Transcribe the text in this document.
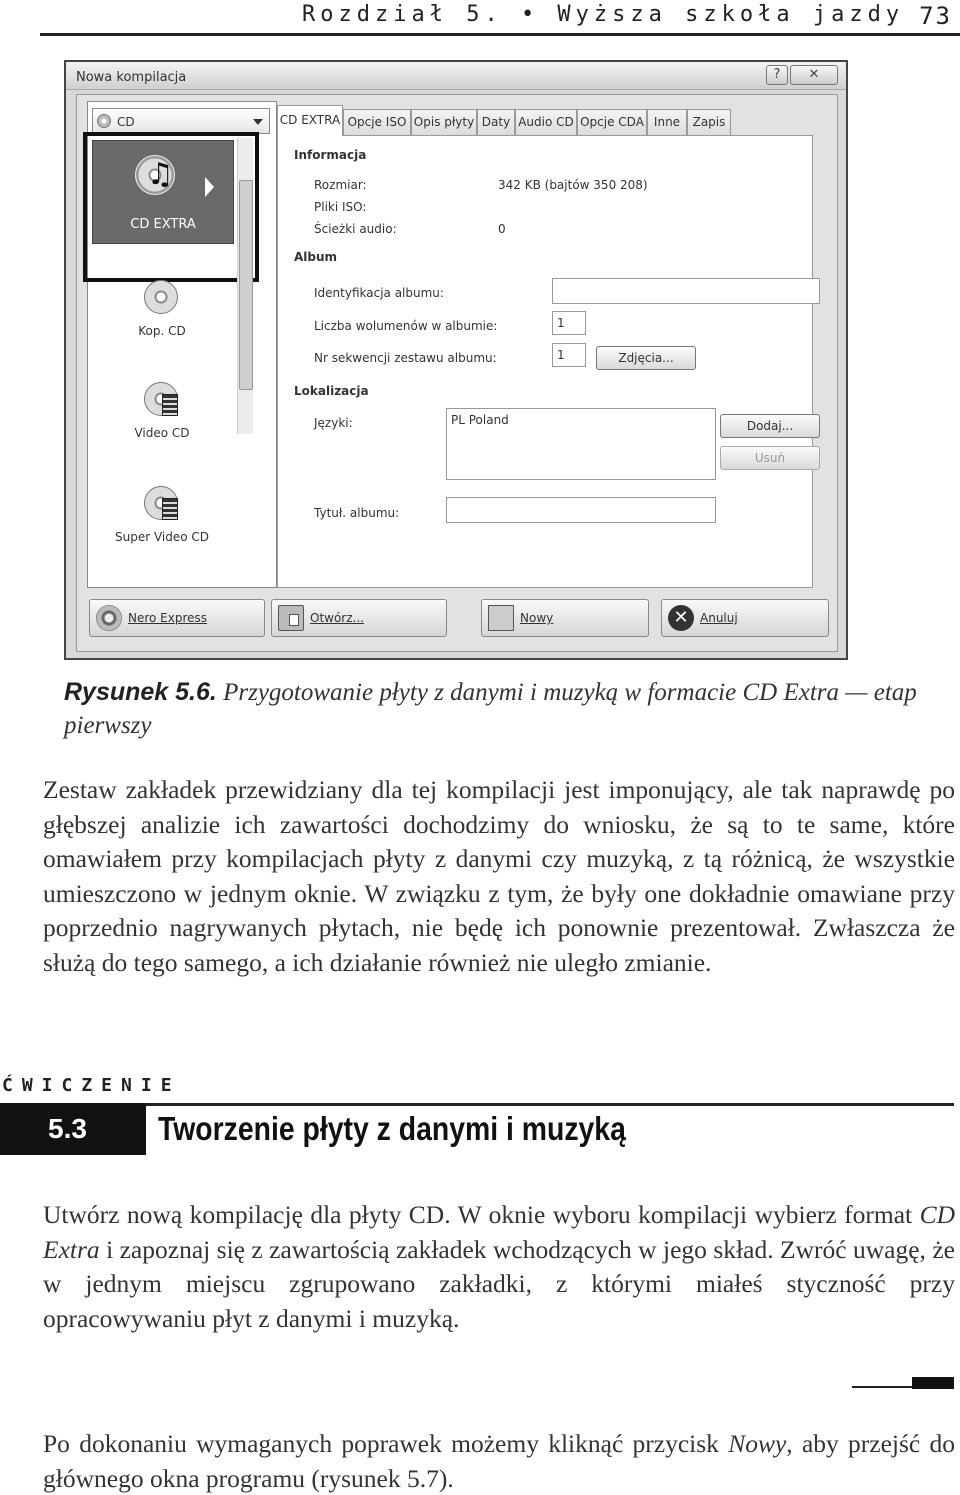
Rozdział 5. • Wyższa szkoła jazdy 73
Nowa kompilacja	?	✕
CD
♫
CD EXTRA
Kop. CD
Video CD
Super Video CD
CD EXTRA Opcje ISO Opis płyty Daty Audio CD Opcje CDA Inne	Zapis
Informacja
Rozmiar:	342 KB (bajtów 350 208)
Pliki ISO:
Ścieżki audio:	0
Album
Identyfikacja albumu:
Liczba wolumenów w albumie:	1
Nr sekwencji zestawu albumu:	1	Zdjęcia...
Lokalizacja
Języki:	PL Poland	Dodaj...
Usuń
Tytuł. albumu:
Nero Express	Otwórz...	Nowy	✕ Anuluj
Rysunek 5.6. Przygotowanie płyty z danymi i muzyką w formacie CD Extra — etap pierwszy

Zestaw zakładek przewidziany dla tej kompilacji jest imponujący, ale tak naprawdę po głębszej analizie ich zawartości dochodzimy do wniosku, że są to te same, które omawiałem przy kompilacjach płyty z danymi czy muzyką, z tą różnicą, że wszystkie umieszczono w jednym oknie. W związku z tym, że były one dokładnie omawiane przy poprzednio nagrywanych płytach, nie będę ich ponownie prezentował. Zwłaszcza że służą do tego samego, a ich działanie również nie uległo zmianie.

ĆWICZENIE
5.3 Tworzenie płyty z danymi i muzyką

Utwórz nową kompilację dla płyty CD. W oknie wyboru kompilacji wybierz format CD Extra i zapoznaj się z zawartością zakładek wchodzących w jego skład. Zwróć uwagę, że w jednym miejscu zgrupowano zakładki, z którymi miałeś styczność przy opracowywaniu płyt z danymi i muzyką.

Po dokonaniu wymaganych poprawek możemy kliknąć przycisk Nowy, aby przejść do głównego okna programu (rysunek 5.7).
